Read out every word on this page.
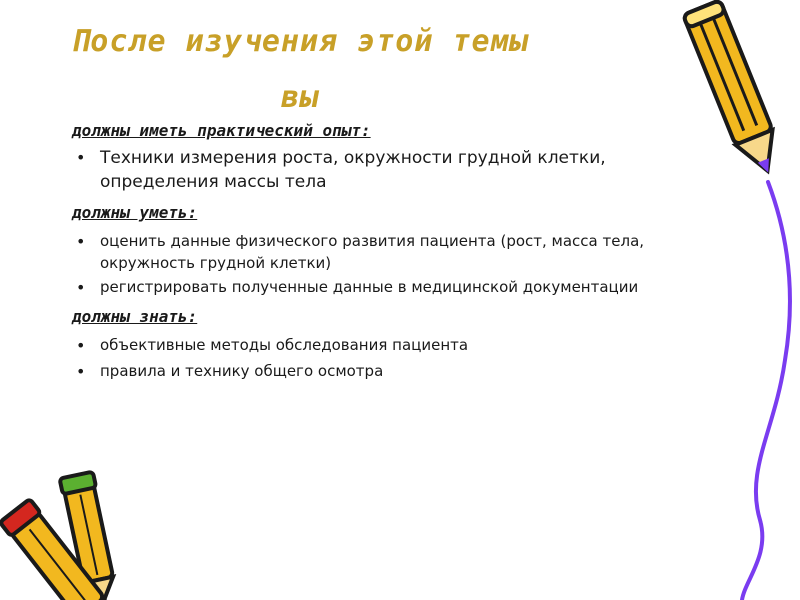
После изучения этой темы
вы
должны иметь практический опыт:
• Техники измерения роста, окружности грудной клетки, определения массы тела
должны уметь:
• оценить данные физического развития пациента (рост, масса тела, окружность грудной клетки)
• регистрировать полученные данные в медицинской документации
должны знать:
• объективные методы обследования пациента
• правила и технику общего осмотра
